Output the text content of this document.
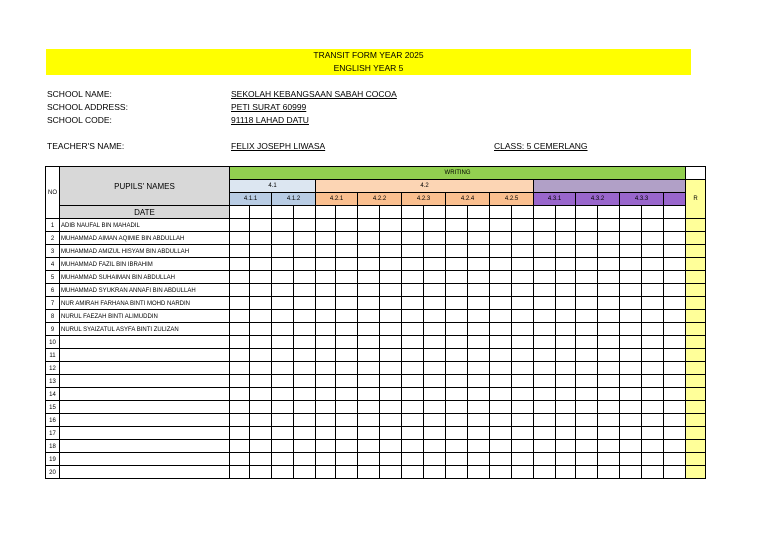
TRANSIT FORM YEAR 2025
ENGLISH YEAR 5
SCHOOL NAME:	SEKOLAH KEBANGSAAN SABAH COCOA
SCHOOL ADDRESS:	PETI SURAT 60999
SCHOOL CODE:	91118 LAHAD DATU
TEACHER'S NAME:	FELIX JOSEPH LIWASA	CLASS: 5 CEMERLANG
NO	PUPILS' NAMES	WRITING																					
		4.1				4.2																	R
		4.1.1		4.1.2		4.2.1		4.2.2		4.2.3		4.2.4		4.2.5		4.3.1		4.3.2		4.3.3			
	DATE																						
1	ADIB NAUFAL BIN MAHADIL																						
2	MUHAMMAD AIMAN AQIMIE BIN ABDULLAH																						
3	MUHAMMAD AMIZUL HISYAM BIN ABDULLAH																						
4	MUHAMMAD FAZIL BIN IBRAHIM																						
5	MUHAMMAD SUHAIMAN BIN ABDULLAH																						
6	MUHAMMAD SYUKRAN ANNAFI BIN ABDULLAH																						
7	NUR AMIRAH FARHANA BINTI MOHD NARDIN																						
8	NURUL FAEZAH BINTI ALIMUDDIN																						
9	NURUL SYAIZATUL ASYFA BINTI ZULIZAN																						
10																							
11																							
12																							
13																							
14																							
15																							
16																							
17																							
18																							
19																							
20																							
